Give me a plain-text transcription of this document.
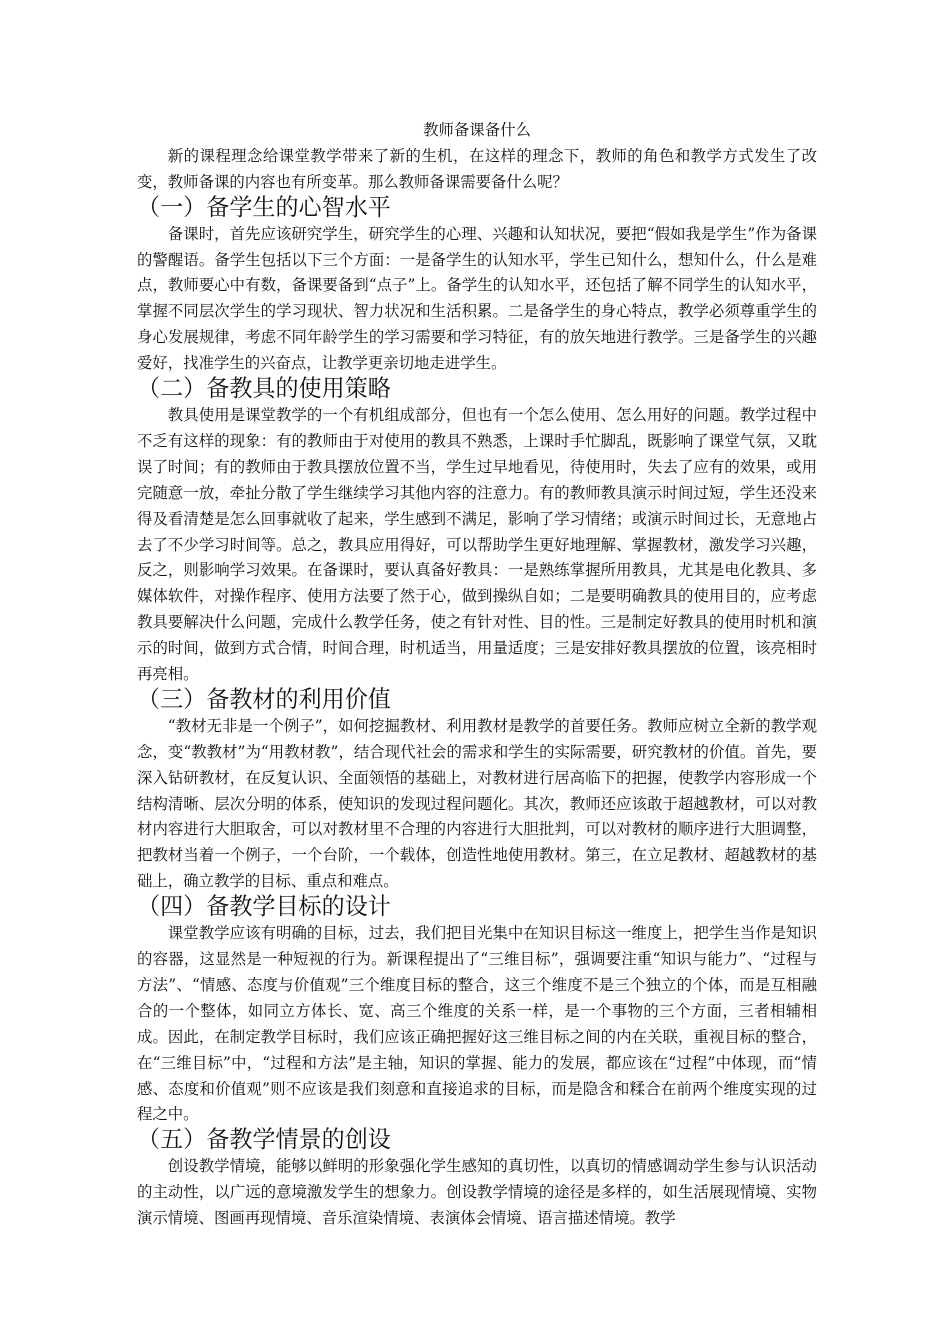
教师备课备什么

新的课程理念给课堂教学带来了新的生机，在这样的理念下，教师的角色和教学方式发生了改变，教师备课的内容也有所变革。那么教师备课需要备什么呢？

（一）备学生的心智水平

备课时，首先应该研究学生，研究学生的心理、兴趣和认知状况，要把“假如我是学生”作为备课的警醒语。备学生包括以下三个方面：一是备学生的认知水平，学生已知什么，想知什么，什么是难点，教师要心中有数，备课要备到“点子”上。备学生的认知水平，还包括了解不同学生的认知水平，掌握不同层次学生的学习现状、智力状况和生活积累。二是备学生的身心特点，教学必须尊重学生的身心发展规律，考虑不同年龄学生的学习需要和学习特征，有的放矢地进行教学。三是备学生的兴趣爱好，找准学生的兴奋点，让教学更亲切地走进学生。

（二）备教具的使用策略

教具使用是课堂教学的一个有机组成部分，但也有一个怎么使用、怎么用好的问题。教学过程中不乏有这样的现象：有的教师由于对使用的教具不熟悉，上课时手忙脚乱，既影响了课堂气氛，又耽误了时间；有的教师由于教具摆放位置不当，学生过早地看见，待使用时，失去了应有的效果，或用完随意一放，牵扯分散了学生继续学习其他内容的注意力。有的教师教具演示时间过短，学生还没来得及看清楚是怎么回事就收了起来，学生感到不满足，影响了学习情绪；或演示时间过长，无意地占去了不少学习时间等。总之，教具应用得好，可以帮助学生更好地理解、掌握教材，激发学习兴趣，反之，则影响学习效果。在备课时，要认真备好教具：一是熟练掌握所用教具，尤其是电化教具、多媒体软件，对操作程序、使用方法要了然于心，做到操纵自如；二是要明确教具的使用目的，应考虑教具要解决什么问题，完成什么教学任务，使之有针对性、目的性。三是制定好教具的使用时机和演示的时间，做到方式合情，时间合理，时机适当，用量适度；三是安排好教具摆放的位置，该亮相时再亮相。

（三）备教材的利用价值

“教材无非是一个例子”，如何挖掘教材、利用教材是教学的首要任务。教师应树立全新的教学观念，变“教教材”为“用教材教”，结合现代社会的需求和学生的实际需要，研究教材的价值。首先，要深入钻研教材，在反复认识、全面领悟的基础上，对教材进行居高临下的把握，使教学内容形成一个结构清晰、层次分明的体系，使知识的发现过程问题化。其次，教师还应该敢于超越教材，可以对教材内容进行大胆取舍，可以对教材里不合理的内容进行大胆批判，可以对教材的顺序进行大胆调整，把教材当着一个例子，一个台阶，一个载体，创造性地使用教材。第三，在立足教材、超越教材的基础上，确立教学的目标、重点和难点。

（四）备教学目标的设计

课堂教学应该有明确的目标，过去，我们把目光集中在知识目标这一维度上，把学生当作是知识的容器，这显然是一种短视的行为。新课程提出了“三维目标”，强调要注重“知识与能力”、“过程与方法”、“情感、态度与价值观”三个维度目标的整合，这三个维度不是三个独立的个体，而是互相融合的一个整体，如同立方体长、宽、高三个维度的关系一样，是一个事物的三个方面，三者相辅相成。因此，在制定教学目标时，我们应该正确把握好这三维目标之间的内在关联，重视目标的整合，在“三维目标”中，“过程和方法”是主轴，知识的掌握、能力的发展，都应该在“过程”中体现，而“情感、态度和价值观”则不应该是我们刻意和直接追求的目标，而是隐含和糅合在前两个维度实现的过程之中。

（五）备教学情景的创设

创设教学情境，能够以鲜明的形象强化学生感知的真切性，以真切的情感调动学生参与认识活动的主动性，以广远的意境激发学生的想象力。创设教学情境的途径是多样的，如生活展现情境、实物演示情境、图画再现情境、音乐渲染情境、表演体会情境、语言描述情境。教学
